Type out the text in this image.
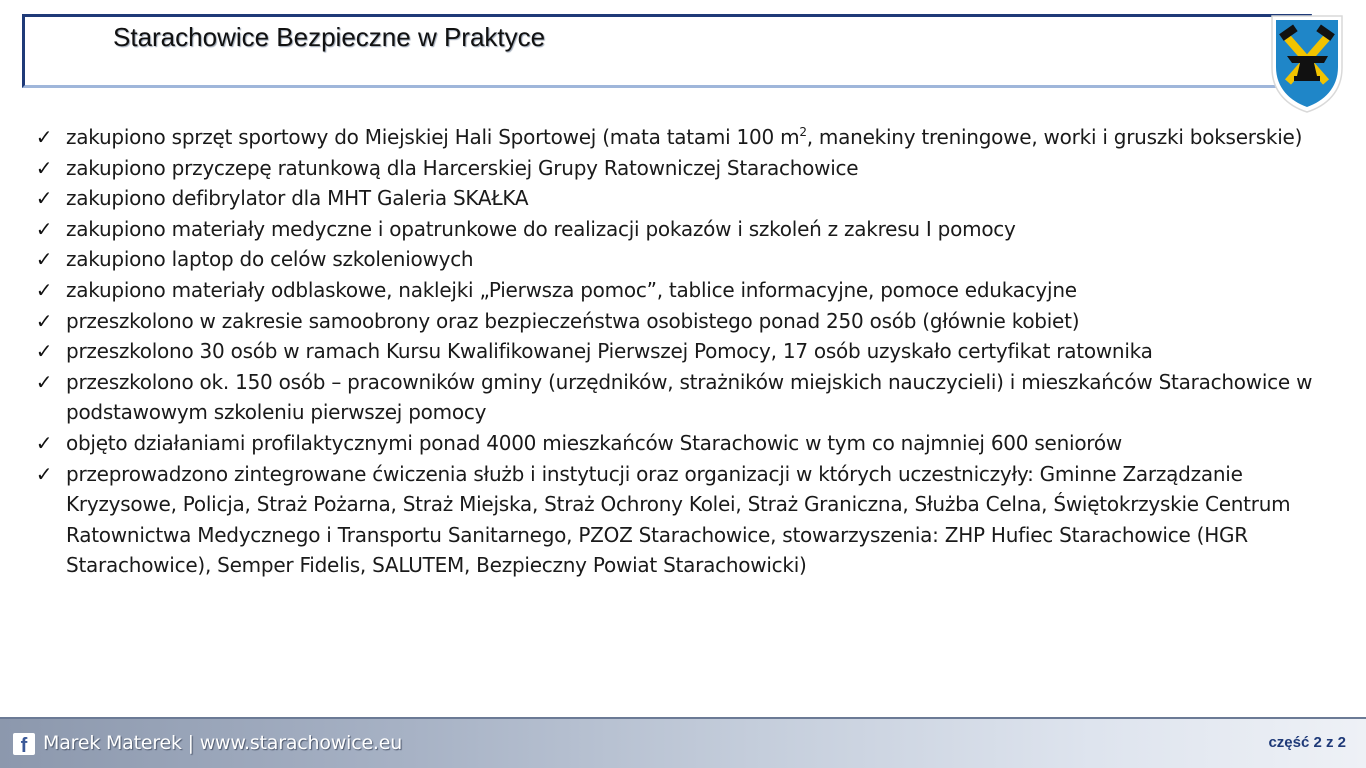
Starachowice Bezpieczne w Praktyce
✓ zakupiono sprzęt sportowy do Miejskiej Hali Sportowej (mata tatami 100 $m^2$, manekiny treningowe, worki i gruszki bokserskie)
✓ zakupiono przyczepę ratunkową dla Harcerskiej Grupy Ratowniczej Starachowice
✓ zakupiono defibrylator dla MHT Galeria SKAŁKA
✓ zakupiono materiały medyczne i opatrunkowe do realizacji pokazów i szkoleń z zakresu I pomocy
✓ zakupiono laptop do celów szkoleniowych
✓ zakupiono materiały odblaskowe, naklejki „Pierwsza pomoc”, tablice informacyjne, pomoce edukacyjne
✓ przeszkolono w zakresie samoobrony oraz bezpieczeństwa osobistego ponad 250 osób (głównie kobiet)
✓ przeszkolono 30 osób w ramach Kursu Kwalifikowanej Pierwszej Pomocy, 17 osób uzyskało certyfikat ratownika
✓ przeszkolono ok. 150 osób – pracowników gminy (urzędników, strażników miejskich nauczycieli) i mieszkańców Starachowice w podstawowym szkoleniu pierwszej pomocy
✓ objęto działaniami profilaktycznymi ponad 4000 mieszkańców Starachowic w tym co najmniej 600 seniorów
✓ przeprowadzono zintegrowane ćwiczenia służb i instytucji oraz organizacji w których uczestniczyły: Gminne Zarządzanie Kryzysowe, Policja, Straż Pożarna, Straż Miejska, Straż Ochrony Kolei, Straż Graniczna, Służba Celna, Świętokrzyskie Centrum Ratownictwa Medycznego i Transportu Sanitarnego, PZOZ Starachowice, stowarzyszenia: ZHP Hufiec Starachowice (HGR Starachowice), Semper Fidelis, SALUTEM, Bezpieczny Powiat Starachowicki)
f Marek Materek | www.starachowice.eu	część 2 z 2
